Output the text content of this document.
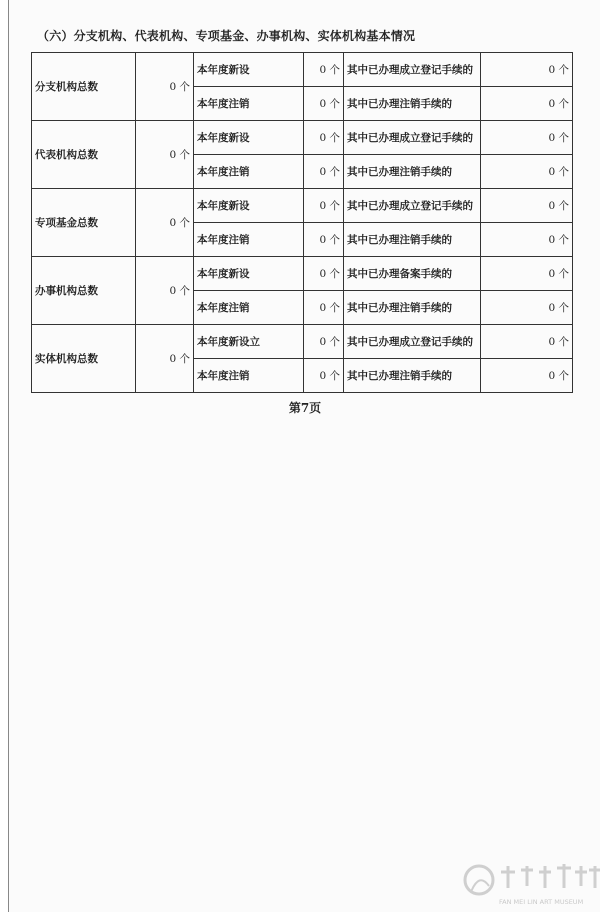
（六）分支机构、代表机构、专项基金、办事机构、实体机构基本情况
分支机构总数	0 个	本年度新设	0 个	其中已办理成立登记手续的	0 个
		本年度注销	0 个	其中已办理注销手续的	0 个
代表机构总数	0 个	本年度新设	0 个	其中已办理成立登记手续的	0 个
		本年度注销	0 个	其中已办理注销手续的	0 个
专项基金总数	0 个	本年度新设	0 个	其中已办理成立登记手续的	0 个
		本年度注销	0 个	其中已办理注销手续的	0 个
办事机构总数	0 个	本年度新设	0 个	其中已办理备案手续的	0 个
		本年度注销	0 个	其中已办理注销手续的	0 个
实体机构总数	0 个	本年度新设立	0 个	其中已办理成立登记手续的	0 个
		本年度注销	0 个	其中已办理注销手续的	0 个
第7页
FAN MEI LIN ART MUSEUM
